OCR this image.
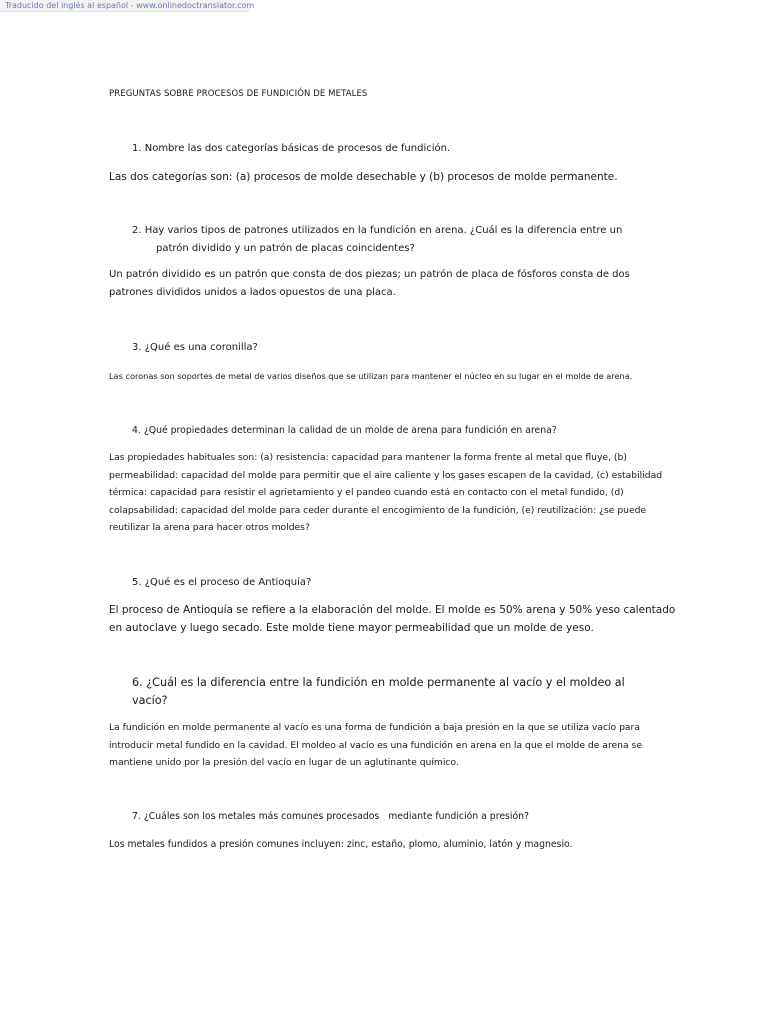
Traducido del inglés al español - www.onlinedoctranslator.com
PREGUNTAS SOBRE PROCESOS DE FUNDICIÓN DE METALES

1. Nombre las dos categorías básicas de procesos de fundición.

Las dos categorías son: (a) procesos de molde desechable y (b) procesos de molde permanente.

2. Hay varios tipos de patrones utilizados en la fundición en arena. ¿Cuál es la diferencia entre un
patrón dividido y un patrón de placas coincidentes?

Un patrón dividido es un patrón que consta de dos piezas; un patrón de placa de fósforos consta de dos patrones divididos unidos a lados opuestos de una placa.

3. ¿Qué es una coronilla?

Las coronas son soportes de metal de varios diseños que se utilizan para mantener el núcleo en su lugar en el molde de arena.

4. ¿Qué propiedades determinan la calidad de un molde de arena para fundición en arena?

Las propiedades habituales son: (a) resistencia: capacidad para mantener la forma frente al metal que fluye, (b) permeabilidad: capacidad del molde para permitir que el aire caliente y los gases escapen de la cavidad, (c) estabilidad térmica: capacidad para resistir el agrietamiento y el pandeo cuando está en contacto con el metal fundido, (d) colapsabilidad: capacidad del molde para ceder durante el encogimiento de la fundición, (e) reutilización: ¿se puede reutilizar la arena para hacer otros moldes?

5. ¿Qué es el proceso de Antioquía?

El proceso de Antioquía se refiere a la elaboración del molde. El molde es 50% arena y 50% yeso calentado en autoclave y luego secado. Este molde tiene mayor permeabilidad que un molde de yeso.

6. ¿Cuál es la diferencia entre la fundición en molde permanente al vacío y el moldeo al vacío?

La fundición en molde permanente al vacío es una forma de fundición a baja presión en la que se utiliza vacío para introducir metal fundido en la cavidad. El moldeo al vacío es una fundición en arena en la que el molde de arena se mantiene unido por la presión del vacío en lugar de un aglutinante químico.

7. ¿Cuáles son los metales más comunes procesados   mediante fundición a presión?

Los metales fundidos a presión comunes incluyen: zinc, estaño, plomo, aluminio, latón y magnesio.
